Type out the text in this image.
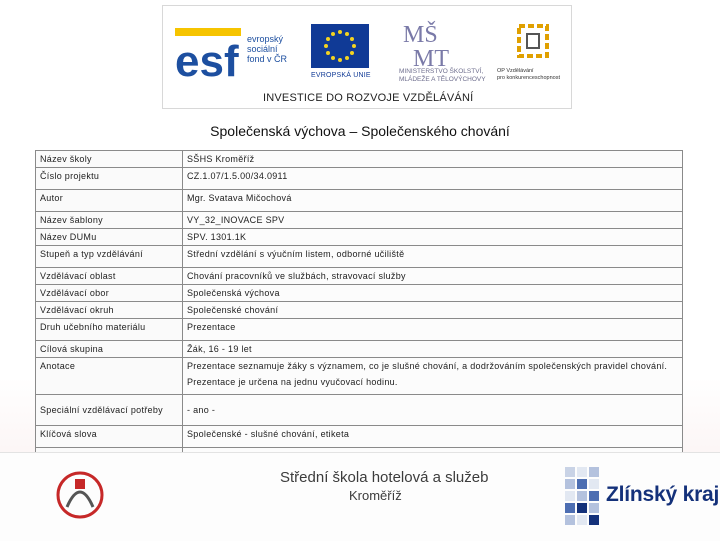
esf evropský
sociální
fond v ČR
EVROPSKÁ UNIE
MŠ
MT
MINISTERSTVO ŠKOLSTVÍ,
MLÁDEŽE A TĚLOVÝCHOVY
OP Vzdělávání
pro konkurenceschopnost
INVESTICE DO ROZVOJE VZDĚLÁVÁNÍ
Společenská výchova – Společenského chování
Název školy	SŠHS Kroměříž
Číslo projektu	CZ.1.07/1.5.00/34.0911
Autor	Mgr. Svatava Mičochová
Název šablony	VY_32_INOVACE SPV
Název DUMu	SPV. 1301.1K
Stupeň a typ vzdělávání	Střední vzdělání s výučním listem, odborné učiliště
Vzdělávací oblast	Chování pracovníků ve službách, stravovací služby
Vzdělávací obor	Společenská výchova
Vzdělávací okruh	Společenské chování
Druh učebního materiálu	Prezentace
Cílová skupina	Žák, 16 - 19 let
Anotace	Prezentace seznamuje žáky s významem, co je slušné chování, a dodržováním společenských pravidel chování.
Prezentace je určena na jednu vyučovací hodinu.

Speciální vzdělávací potřeby	- ano -
Klíčová slova	Společenské - slušné chování, etiketa

Střední škola hotelová a služeb
Kroměříž	Zlínský kraj
